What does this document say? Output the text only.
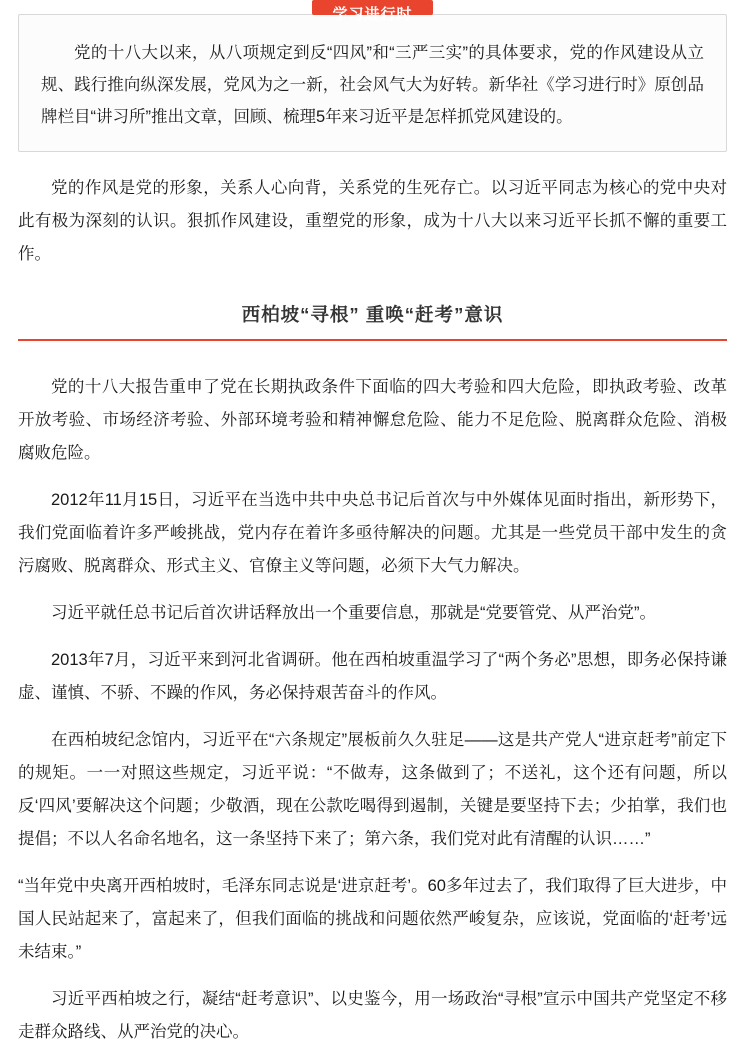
学习进行时

党的十八大以来，从八项规定到反“四风”和“三严三实”的具体要求，党的作风建设从立规、践行推向纵深发展，党风为之一新，社会风气大为好转。新华社《学习进行时》原创品牌栏目“讲习所”推出文章，回顾、梳理5年来习近平是怎样抓党风建设的。

党的作风是党的形象，关系人心向背，关系党的生死存亡。以习近平同志为核心的党中央对此有极为深刻的认识。狠抓作风建设，重塑党的形象，成为十八大以来习近平长抓不懈的重要工作。

西柏坡“寻根” 重唤“赶考”意识

党的十八大报告重申了党在长期执政条件下面临的四大考验和四大危险，即执政考验、改革开放考验、市场经济考验、外部环境考验和精神懈怠危险、能力不足危险、脱离群众危险、消极腐败危险。

2012年11月15日，习近平在当选中共中央总书记后首次与中外媒体见面时指出，新形势下，我们党面临着许多严峻挑战，党内存在着许多亟待解决的问题。尤其是一些党员干部中发生的贪污腐败、脱离群众、形式主义、官僚主义等问题，必须下大气力解决。

习近平就任总书记后首次讲话释放出一个重要信息，那就是“党要管党、从严治党”。

2013年7月，习近平来到河北省调研。他在西柏坡重温学习了“两个务必”思想，即务必保持谦虚、谨慎、不骄、不躁的作风，务必保持艰苦奋斗的作风。

在西柏坡纪念馆内，习近平在“六条规定”展板前久久驻足——这是共产党人“进京赶考”前定下的规矩。一一对照这些规定，习近平说：“不做寿，这条做到了；不送礼，这个还有问题，所以反‘四风’要解决这个问题；少敬酒，现在公款吃喝得到遏制，关键是要坚持下去；少拍掌，我们也提倡；不以人名命名地名，这一条坚持下来了；第六条，我们党对此有清醒的认识……”

“当年党中央离开西柏坡时，毛泽东同志说是‘进京赶考’。60多年过去了，我们取得了巨大进步，中国人民站起来了，富起来了，但我们面临的挑战和问题依然严峻复杂，应该说，党面临的‘赶考’远未结束。”

习近平西柏坡之行，凝结“赶考意识”、以史鉴今，用一场政治“寻根”宣示中国共产党坚定不移走群众路线、从严治党的决心。
